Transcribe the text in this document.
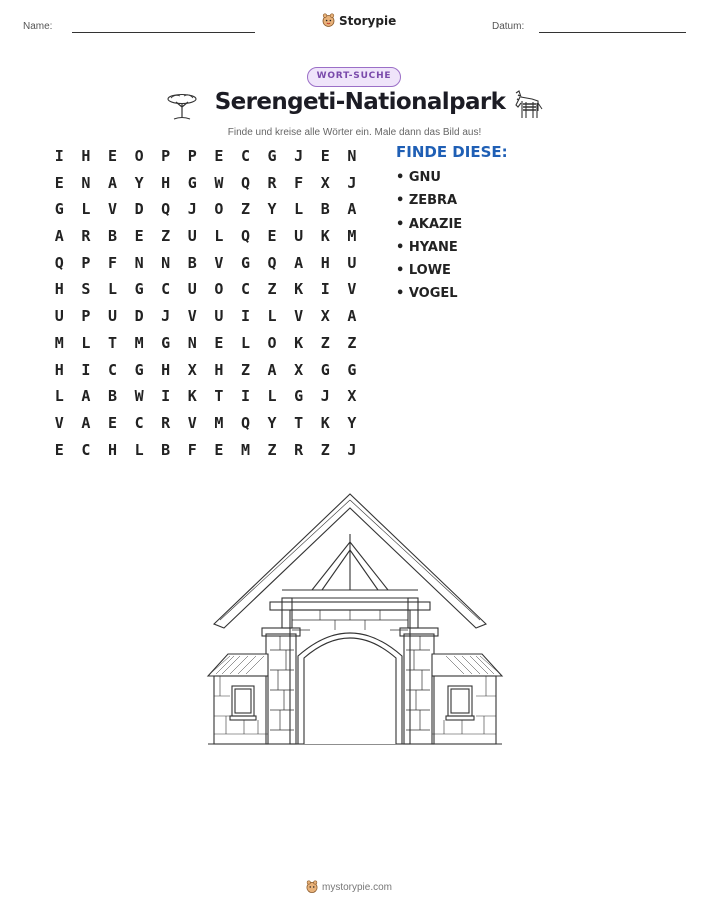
Name:	Storypie	Datum:
WORT-SUCHE
Serengeti-Nationalpark
Finde und kreise alle Wörter ein. Male dann das Bild aus!
I	H	E	O	P	P	E	C	G	J	E	N
E	N	A	Y	H	G	W	Q	R	F	X	J
G	L	V	D	Q	J	O	Z	Y	L	B	A
A	R	B	E	Z	U	L	Q	E	U	K	M
Q	P	F	N	N	B	V	G	Q	A	H	U
H	S	L	G	C	U	O	C	Z	K	I	V
U	P	U	D	J	V	U	I	L	V	X	A
M	L	T	M	G	N	E	L	O	K	Z	Z
H	I	C	G	H	X	H	Z	A	X	G	G
L	A	B	W	I	K	T	I	L	G	J	X
V	A	E	C	R	V	M	Q	Y	T	K	Y
E	C	H	L	B	F	E	M	Z	R	Z	J
FINDE DIESE:
• GNU
• ZEBRA
• AKAZIE
• HYANE
• LOWE
• VOGEL
mystorypie.com
